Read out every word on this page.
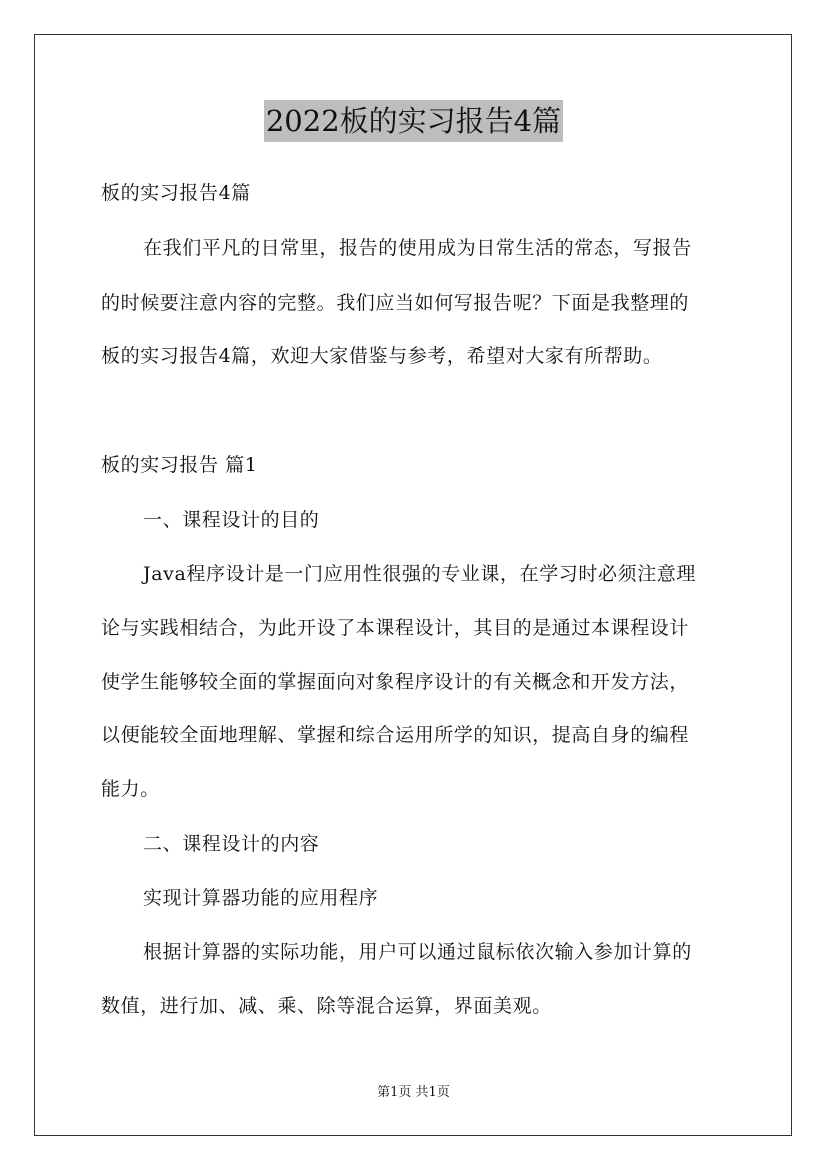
2022板的实习报告4篇
板的实习报告4篇
在我们平凡的日常里，报告的使用成为日常生活的常态，写报告
的时候要注意内容的完整。我们应当如何写报告呢？下面是我整理的
板的实习报告4篇，欢迎大家借鉴与参考，希望对大家有所帮助。
板的实习报告 篇1
一、课程设计的目的
Java程序设计是一门应用性很强的专业课，在学习时必须注意理
论与实践相结合，为此开设了本课程设计，其目的是通过本课程设计
使学生能够较全面的掌握面向对象程序设计的有关概念和开发方法，
以便能较全面地理解、掌握和综合运用所学的知识，提高自身的编程
能力。
二、课程设计的内容
实现计算器功能的应用程序
根据计算器的实际功能，用户可以通过鼠标依次输入参加计算的
数值，进行加、减、乘、除等混合运算，界面美观。
第1页 共1页
